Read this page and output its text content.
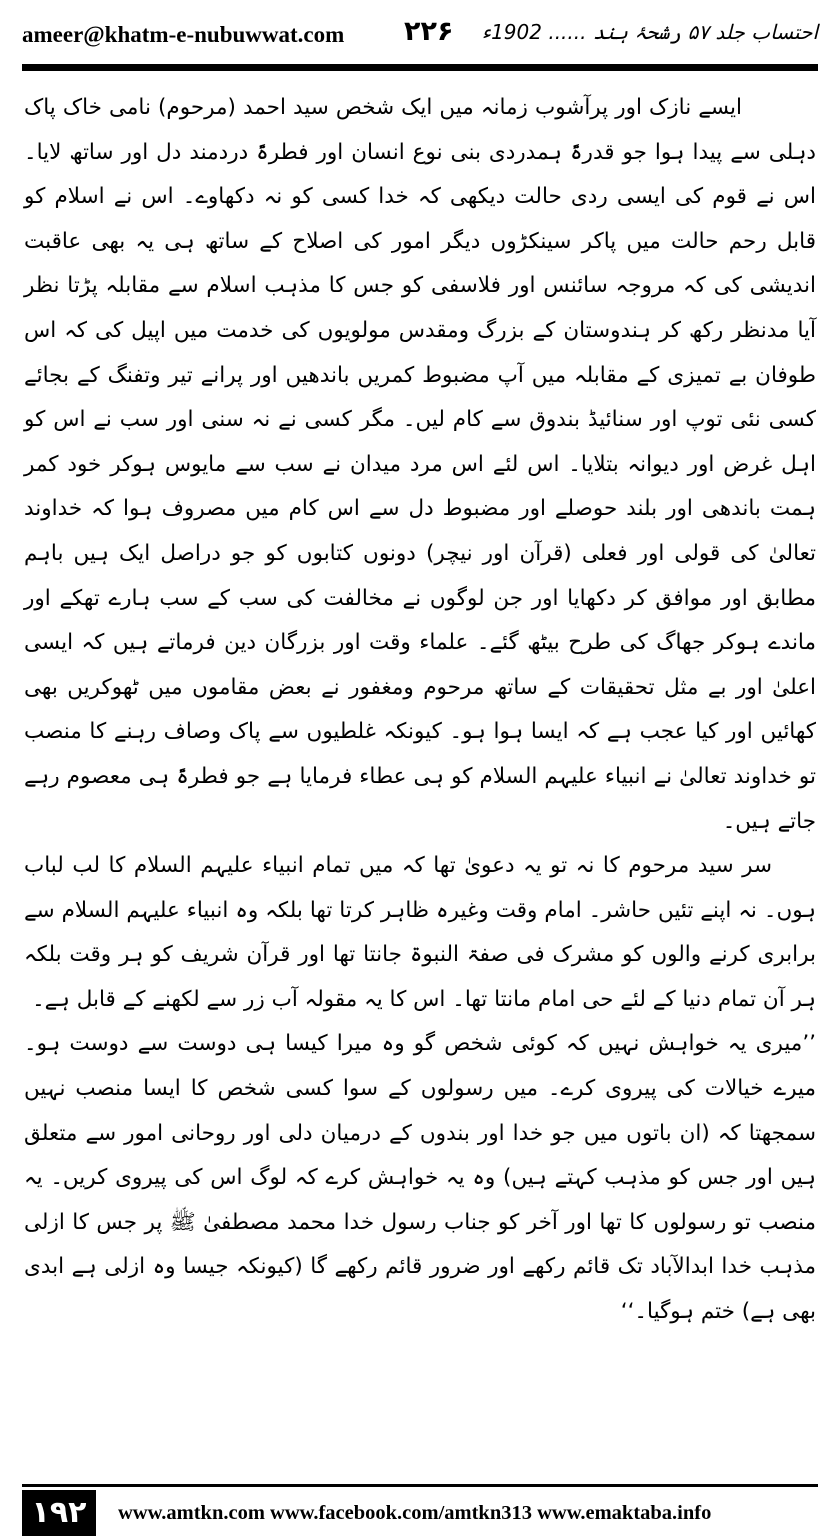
ameer@khatm-e-nubuwwat.com ۲۲۶ احتساب جلد ۵۷ رشحۂ ہند ...... 1902ء

ایسے نازک اور پرآشوب زمانہ میں ایک شخص سید احمد (مرحوم) نامی خاک پاک دہلی سے پیدا ہوا جو قدرۃً ہمدردی بنی نوع انسان اور فطرۃً دردمند دل اور ساتھ لایا۔ اس نے قوم کی ایسی ردی حالت دیکھی کہ خدا کسی کو نہ دکھاوے۔ اس نے اسلام کو قابل رحم حالت میں پاکر سینکڑوں دیگر امور کی اصلاح کے ساتھ ہی یہ بھی عاقبت اندیشی کی کہ مروجہ سائنس اور فلاسفی کو جس کا مذہب اسلام سے مقابلہ پڑتا نظر آیا مدنظر رکھ کر ہندوستان کے بزرگ ومقدس مولویوں کی خدمت میں اپیل کی کہ اس طوفان بے تمیزی کے مقابلہ میں آپ مضبوط کمریں باندھیں اور پرانے تیر وتفنگ کے بجائے کسی نئی توپ اور سنائیڈ بندوق سے کام لیں۔ مگر کسی نے نہ سنی اور سب نے اس کو اہل غرض اور دیوانہ بتلایا۔ اس لئے اس مرد میدان نے سب سے مایوس ہوکر خود کمر ہمت باندھی اور بلند حوصلے اور مضبوط دل سے اس کام میں مصروف ہوا کہ خداوند تعالیٰ کی قولی اور فعلی (قرآن اور نیچر) دونوں کتابوں کو جو دراصل ایک ہیں باہم مطابق اور موافق کر دکھایا اور جن لوگوں نے مخالفت کی سب کے سب ہارے تھکے اور ماندے ہوکر جھاگ کی طرح بیٹھ گئے۔ علماء وقت اور بزرگان دین فرماتے ہیں کہ ایسی اعلیٰ اور بے مثل تحقیقات کے ساتھ مرحوم ومغفور نے بعض مقاموں میں ٹھوکریں بھی کھائیں اور کیا عجب ہے کہ ایسا ہوا ہو۔ کیونکہ غلطیوں سے پاک وصاف رہنے کا منصب تو خداوند تعالیٰ نے انبیاء علیہم السلام کو ہی عطاء فرمایا ہے جو فطرۃً ہی معصوم رہے جاتے ہیں۔

سر سید مرحوم کا نہ تو یہ دعویٰ تھا کہ میں تمام انبیاء علیہم السلام کا لب لباب ہوں۔ نہ اپنے تئیں حاشر۔ امام وقت وغیرہ ظاہر کرتا تھا بلکہ وہ انبیاء علیہم السلام سے برابری کرنے والوں کو مشرک فی صفۃ النبوۃ جانتا تھا اور قرآن شریف کو ہر وقت بلکہ ہر آن تمام دنیا کے لئے حی امام مانتا تھا۔ اس کا یہ مقولہ آب زر سے لکھنے کے قابل ہے۔

’’میری یہ خواہش نہیں کہ کوئی شخص گو وہ میرا کیسا ہی دوست سے دوست ہو۔ میرے خیالات کی پیروی کرے۔ میں رسولوں کے سوا کسی شخص کا ایسا منصب نہیں سمجھتا کہ (ان باتوں میں جو خدا اور بندوں کے درمیان دلی اور روحانی امور سے متعلق ہیں اور جس کو مذہب کہتے ہیں) وہ یہ خواہش کرے کہ لوگ اس کی پیروی کریں۔ یہ منصب تو رسولوں کا تھا اور آخر کو جناب رسول خدا محمد مصطفیٰ ﷺ پر جس کا ازلی مذہب خدا ابدالآباد تک قائم رکھے اور ضرور قائم رکھے گا (کیونکہ جیسا وہ ازلی ہے ابدی بھی ہے) ختم ہوگیا۔‘‘

۱۹۲	www.amtkn.com www.facebook.com/amtkn313 www.emaktaba.info
